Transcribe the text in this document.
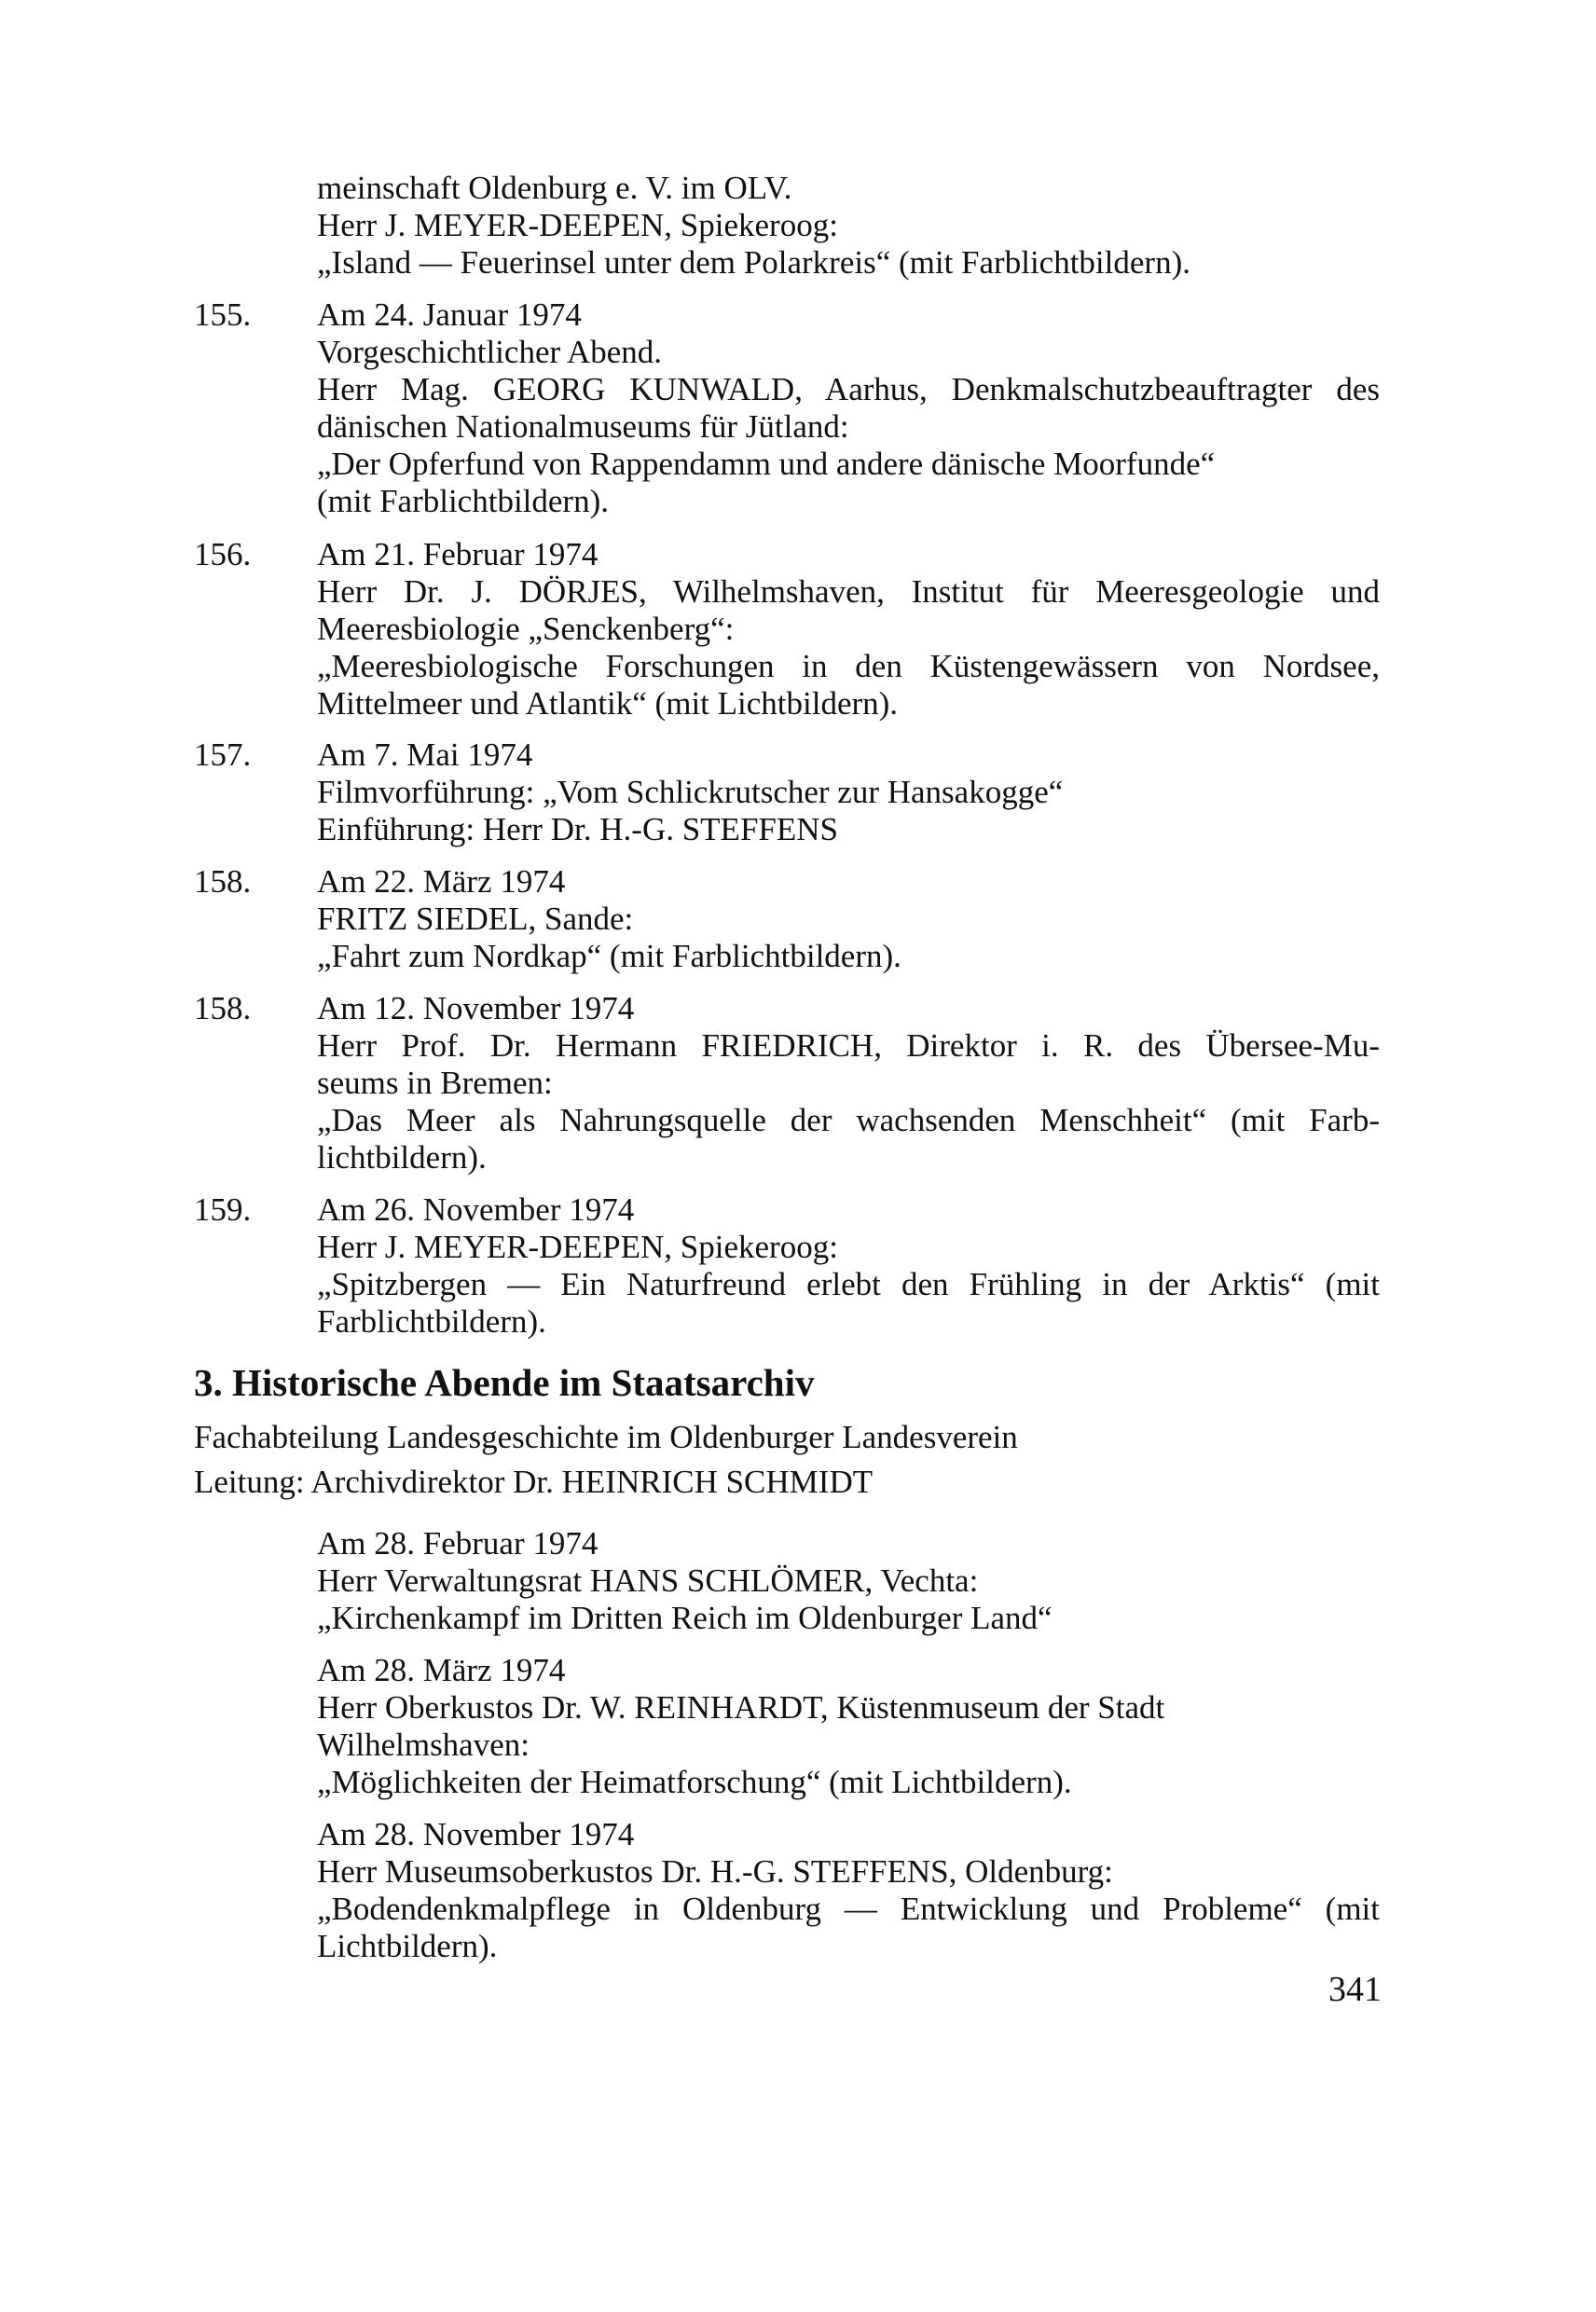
meinschaft Oldenburg e. V. im OLV.
Herr J. MEYER-DEEPEN, Spiekeroog:
„Island — Feuerinsel unter dem Polarkreis“ (mit Farblichtbildern).
155. Am 24. Januar 1974
Vorgeschichtlicher Abend.
Herr Mag. GEORG KUNWALD, Aarhus, Denkmalschutzbeauftragter des
dänischen Nationalmuseums für Jütland:
„Der Opferfund von Rappendamm und andere dänische Moorfunde“
(mit Farblichtbildern).
156. Am 21. Februar 1974
Herr Dr. J. DÖRJES, Wilhelmshaven, Institut für Meeresgeologie und
Meeresbiologie „Senckenberg“:
„Meeresbiologische Forschungen in den Küstengewässern von Nordsee,
Mittelmeer und Atlantik“ (mit Lichtbildern).
157. Am 7. Mai 1974
Filmvorführung: „Vom Schlickrutscher zur Hansakogge“
Einführung: Herr Dr. H.-G. STEFFENS
158. Am 22. März 1974
FRITZ SIEDEL, Sande:
„Fahrt zum Nordkap“ (mit Farblichtbildern).
158. Am 12. November 1974
Herr Prof. Dr. Hermann FRIEDRICH, Direktor i. R. des Übersee-Mu-
seums in Bremen:
„Das Meer als Nahrungsquelle der wachsenden Menschheit“ (mit Farb-
lichtbildern).
159. Am 26. November 1974
Herr J. MEYER-DEEPEN, Spiekeroog:
„Spitzbergen — Ein Naturfreund erlebt den Frühling in der Arktis“ (mit
Farblichtbildern).
3. Historische Abende im Staatsarchiv
Fachabteilung Landesgeschichte im Oldenburger Landesverein
Leitung: Archivdirektor Dr. HEINRICH SCHMIDT
Am 28. Februar 1974
Herr Verwaltungsrat HANS SCHLÖMER, Vechta:
„Kirchenkampf im Dritten Reich im Oldenburger Land“
Am 28. März 1974
Herr Oberkustos Dr. W. REINHARDT, Küstenmuseum der Stadt
Wilhelmshaven:
„Möglichkeiten der Heimatforschung“ (mit Lichtbildern).
Am 28. November 1974
Herr Museumsoberkustos Dr. H.-G. STEFFENS, Oldenburg:
„Bodendenkmalpflege in Oldenburg — Entwicklung und Probleme“ (mit
Lichtbildern).
341
